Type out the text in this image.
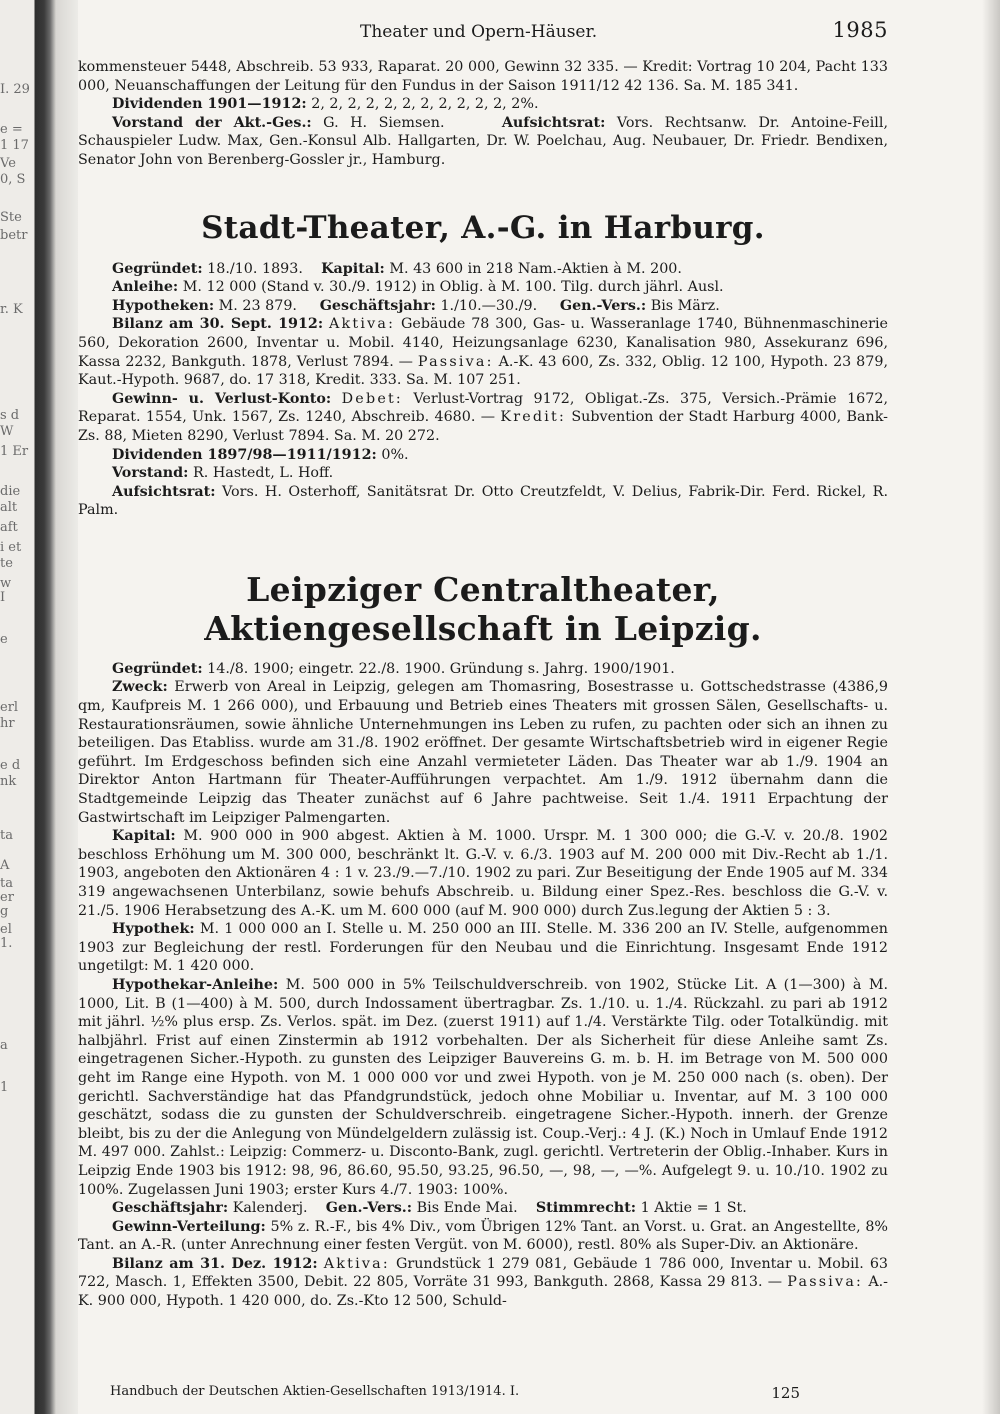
I. 29
e =
1 17
Ve
0, S
Ste
betr
r. K
s d
W
1 Er
die
alt
aft
i et
te
w
I
e
erl
hr
e d
nk
ta
A
ta
er
g
el
1.
a
1
Theater und Opern-Häuser.	1985

kommensteuer 5448, Abschreib. 53 933, Raparat. 20 000, Gewinn 32 335. — Kredit: Vortrag 10 204, Pacht 133 000, Neuanschaffungen der Leitung für den Fundus in der Saison 1911/12 42 136. Sa. M. 185 341.

Dividenden 1901—1912: 2, 2, 2, 2, 2, 2, 2, 2, 2, 2, 2, 2%.

Vorstand der Akt.-Ges.: G. H. Siemsen.	Aufsichtsrat: Vors. Rechtsanw. Dr. Antoine-Feill, Schauspieler Ludw. Max, Gen.-Konsul Alb. Hallgarten, Dr. W. Poelchau, Aug. Neubauer, Dr. Friedr. Bendixen, Senator John von Berenberg-Gossler jr., Hamburg.

Stadt-Theater, A.-G. in Harburg.

Gegründet: 18./10. 1893. Kapital: M. 43 600 in 218 Nam.-Aktien à M. 200.

Anleihe: M. 12 000 (Stand v. 30./9. 1912) in Oblig. à M. 100. Tilg. durch jährl. Ausl.

Hypotheken: M. 23 879. Geschäftsjahr: 1./10.—30./9. Gen.-Vers.: Bis März.

Bilanz am 30. Sept. 1912: Aktiva: Gebäude 78 300, Gas- u. Wasseranlage 1740, Bühnenmaschinerie 560, Dekoration 2600, Inventar u. Mobil. 4140, Heizungsanlage 6230, Kanalisation 980, Assekuranz 696, Kassa 2232, Bankguth. 1878, Verlust 7894. — Passiva: A.-K. 43 600, Zs. 332, Oblig. 12 100, Hypoth. 23 879, Kaut.-Hypoth. 9687, do. 17 318, Kredit. 333. Sa. M. 107 251.

Gewinn- u. Verlust-Konto: Debet: Verlust-Vortrag 9172, Obligat.-Zs. 375, Versich.-Prämie 1672, Reparat. 1554, Unk. 1567, Zs. 1240, Abschreib. 4680. — Kredit: Subvention der Stadt Harburg 4000, Bank-Zs. 88, Mieten 8290, Verlust 7894. Sa. M. 20 272.

Dividenden 1897/98—1911/1912: 0%.

Vorstand: R. Hastedt, L. Hoff.

Aufsichtsrat: Vors. H. Osterhoff, Sanitätsrat Dr. Otto Creutzfeldt, V. Delius, Fabrik-Dir. Ferd. Rickel, R. Palm.

Leipziger Centraltheater, Aktiengesellschaft in Leipzig.

Gegründet: 14./8. 1900; eingetr. 22./8. 1900. Gründung s. Jahrg. 1900/1901.

Zweck: Erwerb von Areal in Leipzig, gelegen am Thomasring, Bosestrasse u. Gottschedstrasse (4386,9 qm, Kaufpreis M. 1 266 000), und Erbauung und Betrieb eines Theaters mit grossen Sälen, Gesellschafts- u. Restaurationsräumen, sowie ähnliche Unternehmungen ins Leben zu rufen, zu pachten oder sich an ihnen zu beteiligen. Das Etabliss. wurde am 31./8. 1902 eröffnet. Der gesamte Wirtschaftsbetrieb wird in eigener Regie geführt. Im Erdgeschoss befinden sich eine Anzahl vermieteter Läden. Das Theater war ab 1./9. 1904 an Direktor Anton Hartmann für Theater-Aufführungen verpachtet. Am 1./9. 1912 übernahm dann die Stadtgemeinde Leipzig das Theater zunächst auf 6 Jahre pachtweise. Seit 1./4. 1911 Erpachtung der Gastwirtschaft im Leipziger Palmengarten.

Kapital: M. 900 000 in 900 abgest. Aktien à M. 1000. Urspr. M. 1 300 000; die G.-V. v. 20./8. 1902 beschloss Erhöhung um M. 300 000, beschränkt lt. G.-V. v. 6./3. 1903 auf M. 200 000 mit Div.-Recht ab 1./1. 1903, angeboten den Aktionären 4 : 1 v. 23./9.—7./10. 1902 zu pari. Zur Beseitigung der Ende 1905 auf M. 334 319 angewachsenen Unterbilanz, sowie behufs Abschreib. u. Bildung einer Spez.-Res. beschloss die G.-V. v. 21./5. 1906 Herabsetzung des A.-K. um M. 600 000 (auf M. 900 000) durch Zus.legung der Aktien 5 : 3.

Hypothek: M. 1 000 000 an I. Stelle u. M. 250 000 an III. Stelle. M. 336 200 an IV. Stelle, aufgenommen 1903 zur Begleichung der restl. Forderungen für den Neubau und die Einrichtung. Insgesamt Ende 1912 ungetilgt: M. 1 420 000.

Hypothekar-Anleihe: M. 500 000 in 5% Teilschuldverschreib. von 1902, Stücke Lit. A (1—300) à M. 1000, Lit. B (1—400) à M. 500, durch Indossament übertragbar. Zs. 1./10. u. 1./4. Rückzahl. zu pari ab 1912 mit jährl. ½% plus ersp. Zs. Verlos. spät. im Dez. (zuerst 1911) auf 1./4. Verstärkte Tilg. oder Totalkündig. mit halbjährl. Frist auf einen Zinstermin ab 1912 vorbehalten. Der als Sicherheit für diese Anleihe samt Zs. eingetragenen Sicher.-Hypoth. zu gunsten des Leipziger Bauvereins G. m. b. H. im Betrage von M. 500 000 geht im Range eine Hypoth. von M. 1 000 000 vor und zwei Hypoth. von je M. 250 000 nach (s. oben). Der gerichtl. Sachverständige hat das Pfandgrundstück, jedoch ohne Mobiliar u. Inventar, auf M. 3 100 000 geschätzt, sodass die zu gunsten der Schuldverschreib. eingetragene Sicher.-Hypoth. innerh. der Grenze bleibt, bis zu der die Anlegung von Mündelgeldern zulässig ist. Coup.-Verj.: 4 J. (K.) Noch in Umlauf Ende 1912 M. 497 000. Zahlst.: Leipzig: Commerz- u. Disconto-Bank, zugl. gerichtl. Vertreterin der Oblig.-Inhaber. Kurs in Leipzig Ende 1903 bis 1912: 98, 96, 86.60, 95.50, 93.25, 96.50, —, 98, —, —%. Aufgelegt 9. u. 10./10. 1902 zu 100%. Zugelassen Juni 1903; erster Kurs 4./7. 1903: 100%.

Geschäftsjahr: Kalenderj. Gen.-Vers.: Bis Ende Mai. Stimmrecht: 1 Aktie = 1 St.

Gewinn-Verteilung: 5% z. R.-F., bis 4% Div., vom Übrigen 12% Tant. an Vorst. u. Grat. an Angestellte, 8% Tant. an A.-R. (unter Anrechnung einer festen Vergüt. von M. 6000), restl. 80% als Super-Div. an Aktionäre.

Bilanz am 31. Dez. 1912: Aktiva: Grundstück 1 279 081, Gebäude 1 786 000, Inventar u. Mobil. 63 722, Masch. 1, Effekten 3500, Debit. 22 805, Vorräte 31 993, Bankguth. 2868, Kassa 29 813. — Passiva: A.-K. 900 000, Hypoth. 1 420 000, do. Zs.-Kto 12 500, Schuld-

Handbuch der Deutschen Aktien-Gesellschaften 1913/1914. I.	125
